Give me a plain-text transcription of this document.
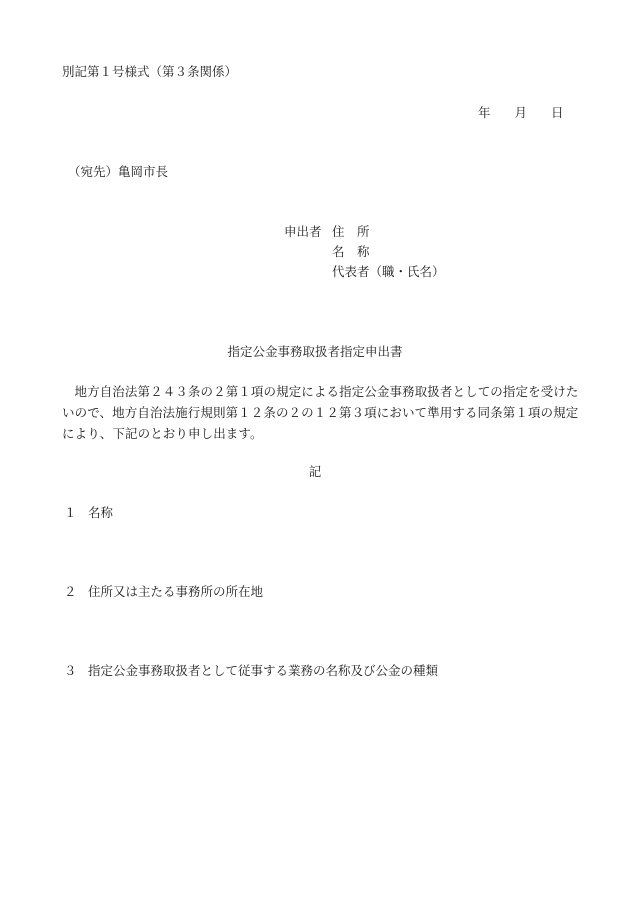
別記第１号様式（第３条関係）
年 月 日
（宛先）亀岡市長
申出者 住　所
名　称
代表者（職・氏名）
指定公金事務取扱者指定申出書
地方自治法第２４３条の２第１項の規定による指定公金事務取扱者としての指定を受けたいので、地方自治法施行規則第１２条の２の１２第３項において準用する同条第１項の規定により、下記のとおり申し出ます。
記
１ 名称
２ 住所又は主たる事務所の所在地
３ 指定公金事務取扱者として従事する業務の名称及び公金の種類
